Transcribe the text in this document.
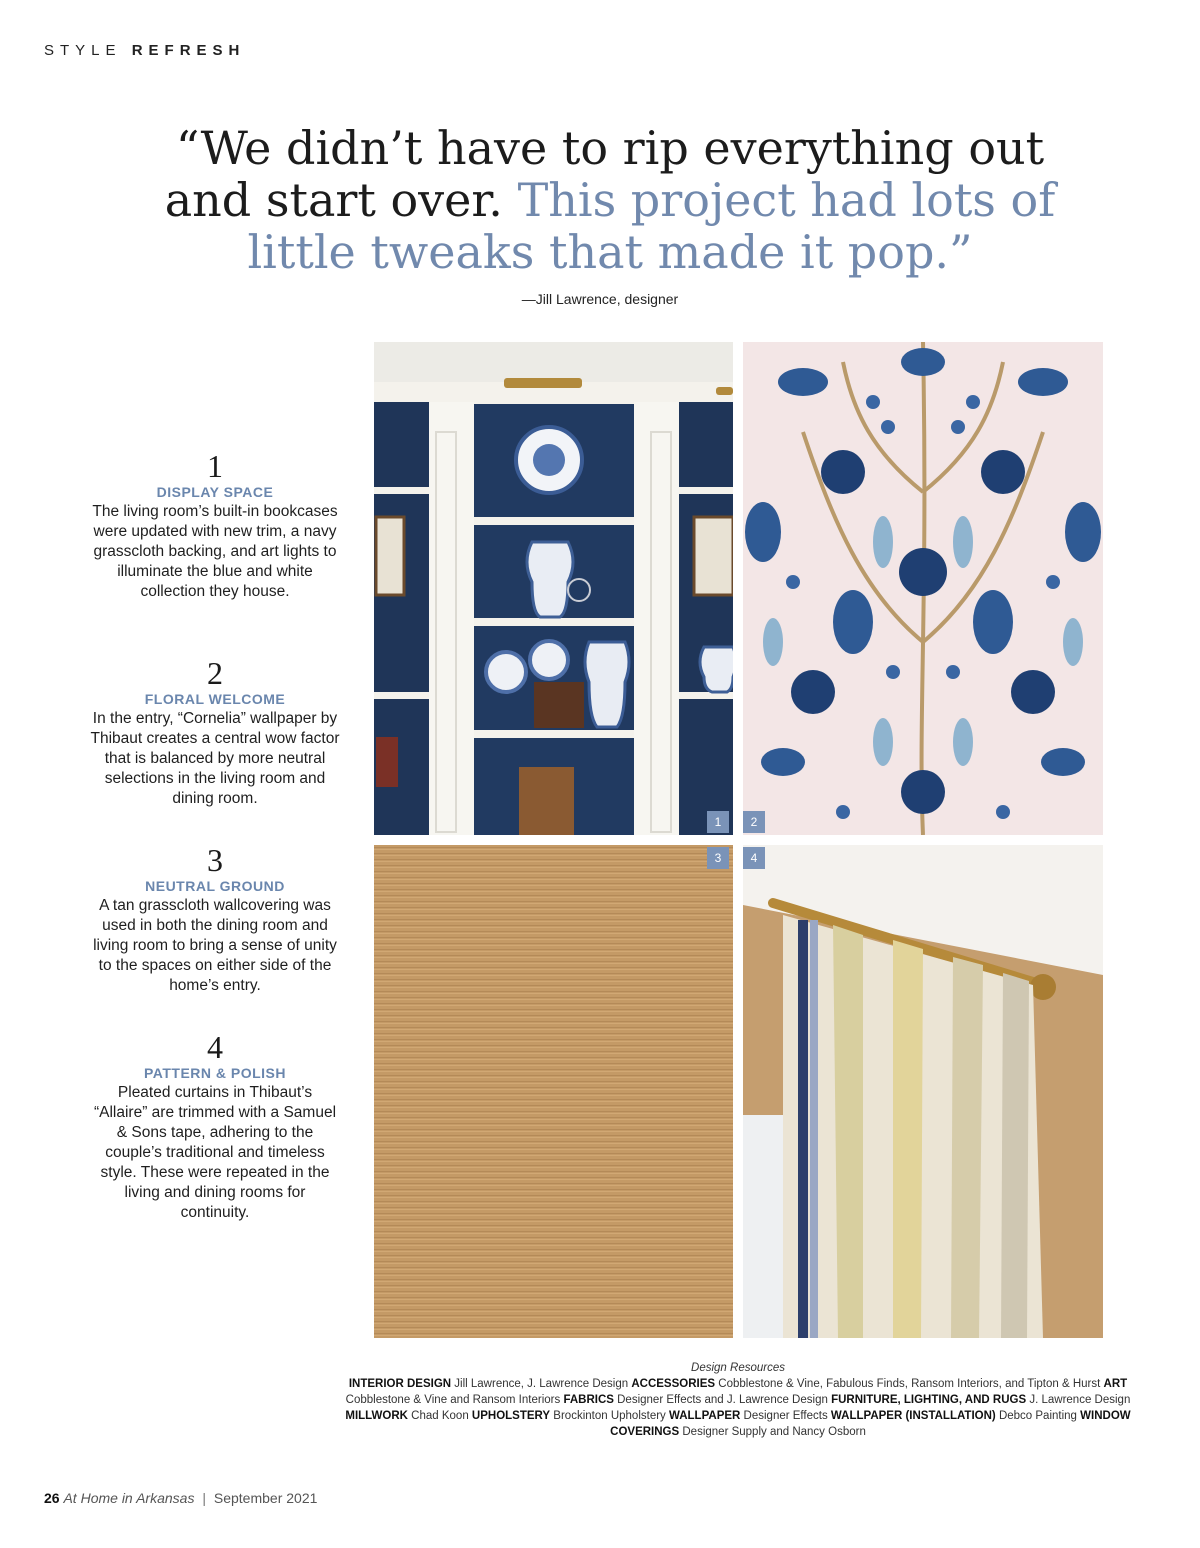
STYLE REFRESH

“We didn’t have to rip everything out and start over. This project had lots of little tweaks that made it pop.”

—Jill Lawrence, designer

1
DISPLAY SPACE
The living room’s built-in bookcases were updated with new trim, a navy grasscloth backing, and art lights to illuminate the blue and white collection they house.
2
FLORAL WELCOME
In the entry, “Cornelia” wallpaper by Thibaut creates a central wow factor that is balanced by more neutral selections in the living room and dining room.
3
NEUTRAL GROUND
A tan grasscloth wallcovering was used in both the dining room and living room to bring a sense of unity to the spaces on either side of the home’s entry.
4
PATTERN & POLISH
Pleated curtains in Thibaut’s “Allaire” are trimmed with a Samuel & Sons tape, adhering to the couple’s traditional and timeless style. These were repeated in the living and dining rooms for continuity.
1	2
3	4
Design Resources
INTERIOR DESIGN Jill Lawrence, J. Lawrence Design ACCESSORIES Cobblestone & Vine, Fabulous Finds, Ransom Interiors, and Tipton & Hurst ART Cobblestone & Vine and Ransom Interiors FABRICS Designer Effects and J. Lawrence Design FURNITURE, LIGHTING, AND RUGS J. Lawrence Design MILLWORK Chad Koon UPHOLSTERY Brockinton Upholstery WALLPAPER Designer Effects WALLPAPER (INSTALLATION) Debco Painting WINDOW COVERINGS Designer Supply and Nancy Osborn
26 At Home in Arkansas | September 2021
